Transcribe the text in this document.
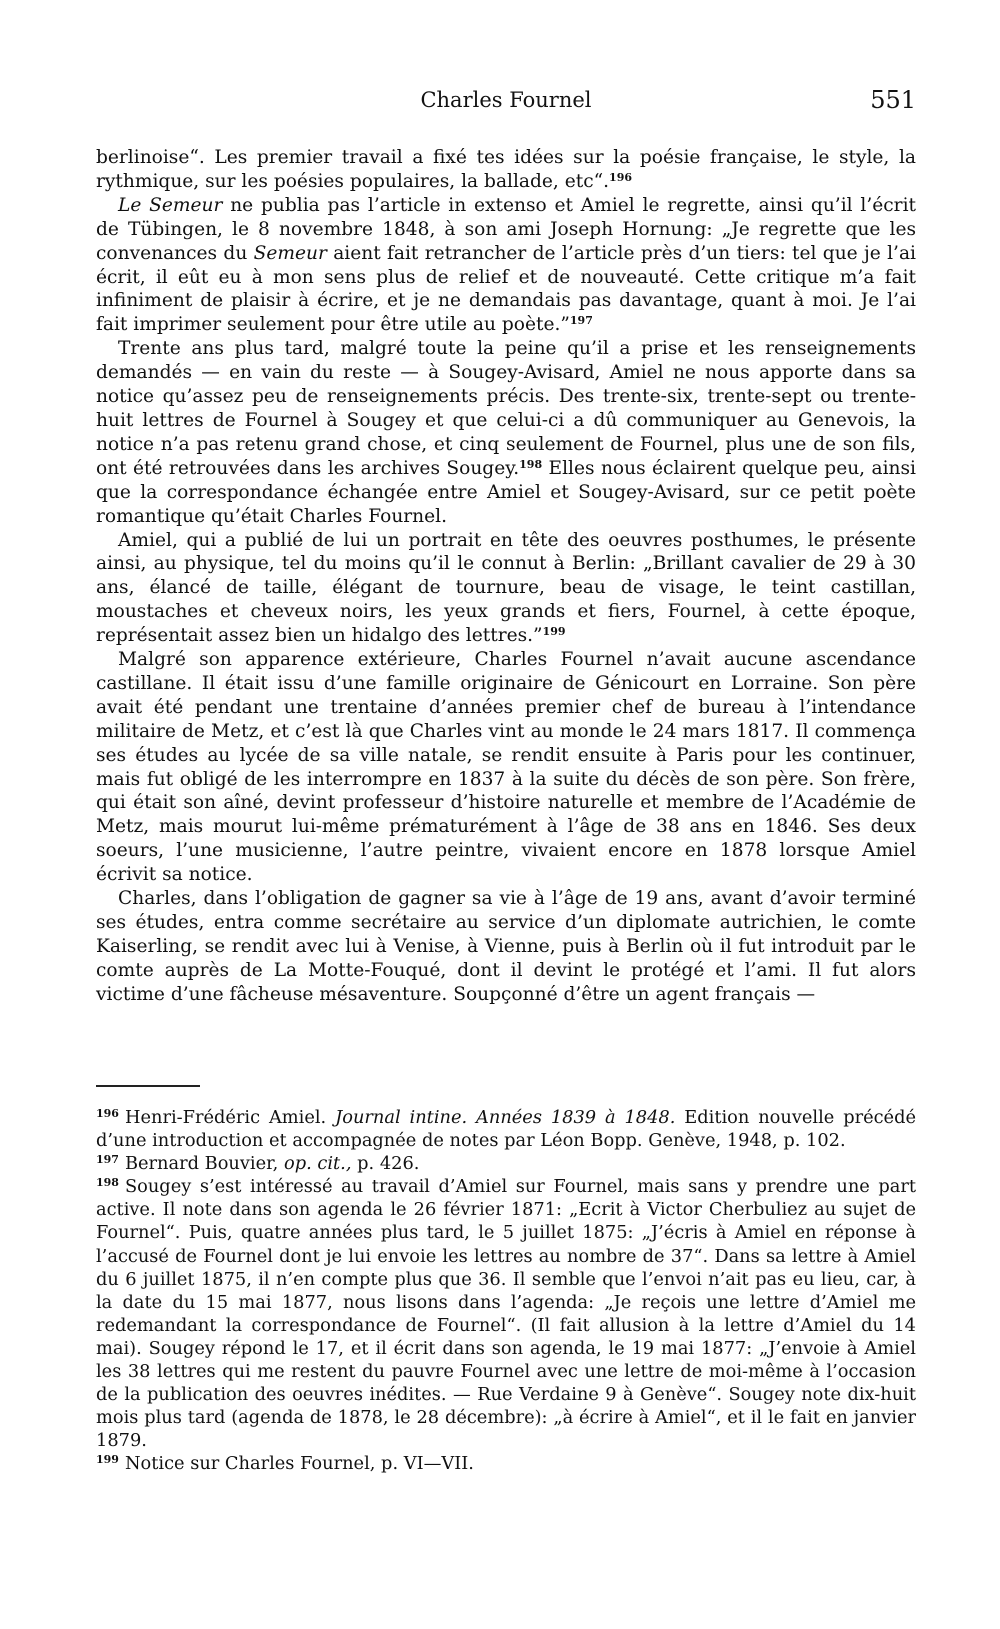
Charles Fournel	551

berlinoise“. Les premier travail a fixé tes idées sur la poésie française, le style, la rythmique, sur les poésies populaires, la ballade, etc“.$^{196}$

Le Semeur ne publia pas l’article in extenso et Amiel le regrette, ainsi qu’il l’écrit de Tübingen, le 8 novembre 1848, à son ami Joseph Hornung: „Je regrette que les convenances du Semeur aient fait retrancher de l’article près d’un tiers: tel que je l’ai écrit, il eût eu à mon sens plus de relief et de nouveauté. Cette critique m’a fait infiniment de plaisir à écrire, et je ne demandais pas davantage, quant à moi. Je l’ai fait imprimer seulement pour être utile au poète.”$^{197}$

Trente ans plus tard, malgré toute la peine qu’il a prise et les renseignements demandés — en vain du reste — à Sougey-Avisard, Amiel ne nous apporte dans sa notice qu’assez peu de renseignements précis. Des trente-six, trente-sept ou trente-huit lettres de Fournel à Sougey et que celui-ci a dû communiquer au Genevois, la notice n’a pas retenu grand chose, et cinq seulement de Fournel, plus une de son fils, ont été retrouvées dans les archives Sougey.$^{198}$ Elles nous éclairent quelque peu, ainsi que la correspondance échangée entre Amiel et Sougey-Avisard, sur ce petit poète romantique qu’était Charles Fournel.

Amiel, qui a publié de lui un portrait en tête des oeuvres posthumes, le présente ainsi, au physique, tel du moins qu’il le connut à Berlin: „Brillant cavalier de 29 à 30 ans, élancé de taille, élégant de tournure, beau de visage, le teint castillan, moustaches et cheveux noirs, les yeux grands et fiers, Fournel, à cette époque, représentait assez bien un hidalgo des lettres.”$^{199}$

Malgré son apparence extérieure, Charles Fournel n’avait aucune ascendance castillane. Il était issu d’une famille originaire de Génicourt en Lorraine. Son père avait été pendant une trentaine d’années premier chef de bureau à l’intendance militaire de Metz, et c’est là que Charles vint au monde le 24 mars 1817. Il commença ses études au lycée de sa ville natale, se rendit ensuite à Paris pour les continuer, mais fut obligé de les interrompre en 1837 à la suite du décès de son père. Son frère, qui était son aîné, devint professeur d’histoire naturelle et membre de l’Académie de Metz, mais mourut lui-même prématurément à l’âge de 38 ans en 1846. Ses deux soeurs, l’une musicienne, l’autre peintre, vivaient encore en 1878 lorsque Amiel écrivit sa notice.

Charles, dans l’obligation de gagner sa vie à l’âge de 19 ans, avant d’avoir terminé ses études, entra comme secrétaire au service d’un diplomate autrichien, le comte Kaiserling, se rendit avec lui à Venise, à Vienne, puis à Berlin où il fut introduit par le comte auprès de La Motte-Fouqué, dont il devint le protégé et l’ami. Il fut alors victime d’une fâcheuse mésaventure. Soupçonné d’être un agent français —

$^{196}$ Henri-Frédéric Amiel. Journal intine. Années 1839 à 1848. Edition nouvelle précédé d’une introduction et accompagnée de notes par Léon Bopp. Genève, 1948, p. 102.

$^{197}$ Bernard Bouvier, op. cit., p. 426.

$^{198}$ Sougey s’est intéressé au travail d’Amiel sur Fournel, mais sans y prendre une part active. Il note dans son agenda le 26 février 1871: „Ecrit à Victor Cherbuliez au sujet de Fournel“. Puis, quatre années plus tard, le 5 juillet 1875: „J’écris à Amiel en réponse à l’accusé de Fournel dont je lui envoie les lettres au nombre de 37“. Dans sa lettre à Amiel du 6 juillet 1875, il n’en compte plus que 36. Il semble que l’envoi n’ait pas eu lieu, car, à la date du 15 mai 1877, nous lisons dans l’agenda: „Je reçois une lettre d’Amiel me redemandant la correspondance de Fournel“. (Il fait allusion à la lettre d’Amiel du 14 mai). Sougey répond le 17, et il écrit dans son agenda, le 19 mai 1877: „J’envoie à Amiel les 38 lettres qui me restent du pauvre Fournel avec une lettre de moi-même à l’occasion de la publication des oeuvres inédites. — Rue Verdaine 9 à Genève“. Sougey note dix-huit mois plus tard (agenda de 1878, le 28 décembre): „à écrire à Amiel“, et il le fait en janvier 1879.

$^{199}$ Notice sur Charles Fournel, p. VI—VII.
